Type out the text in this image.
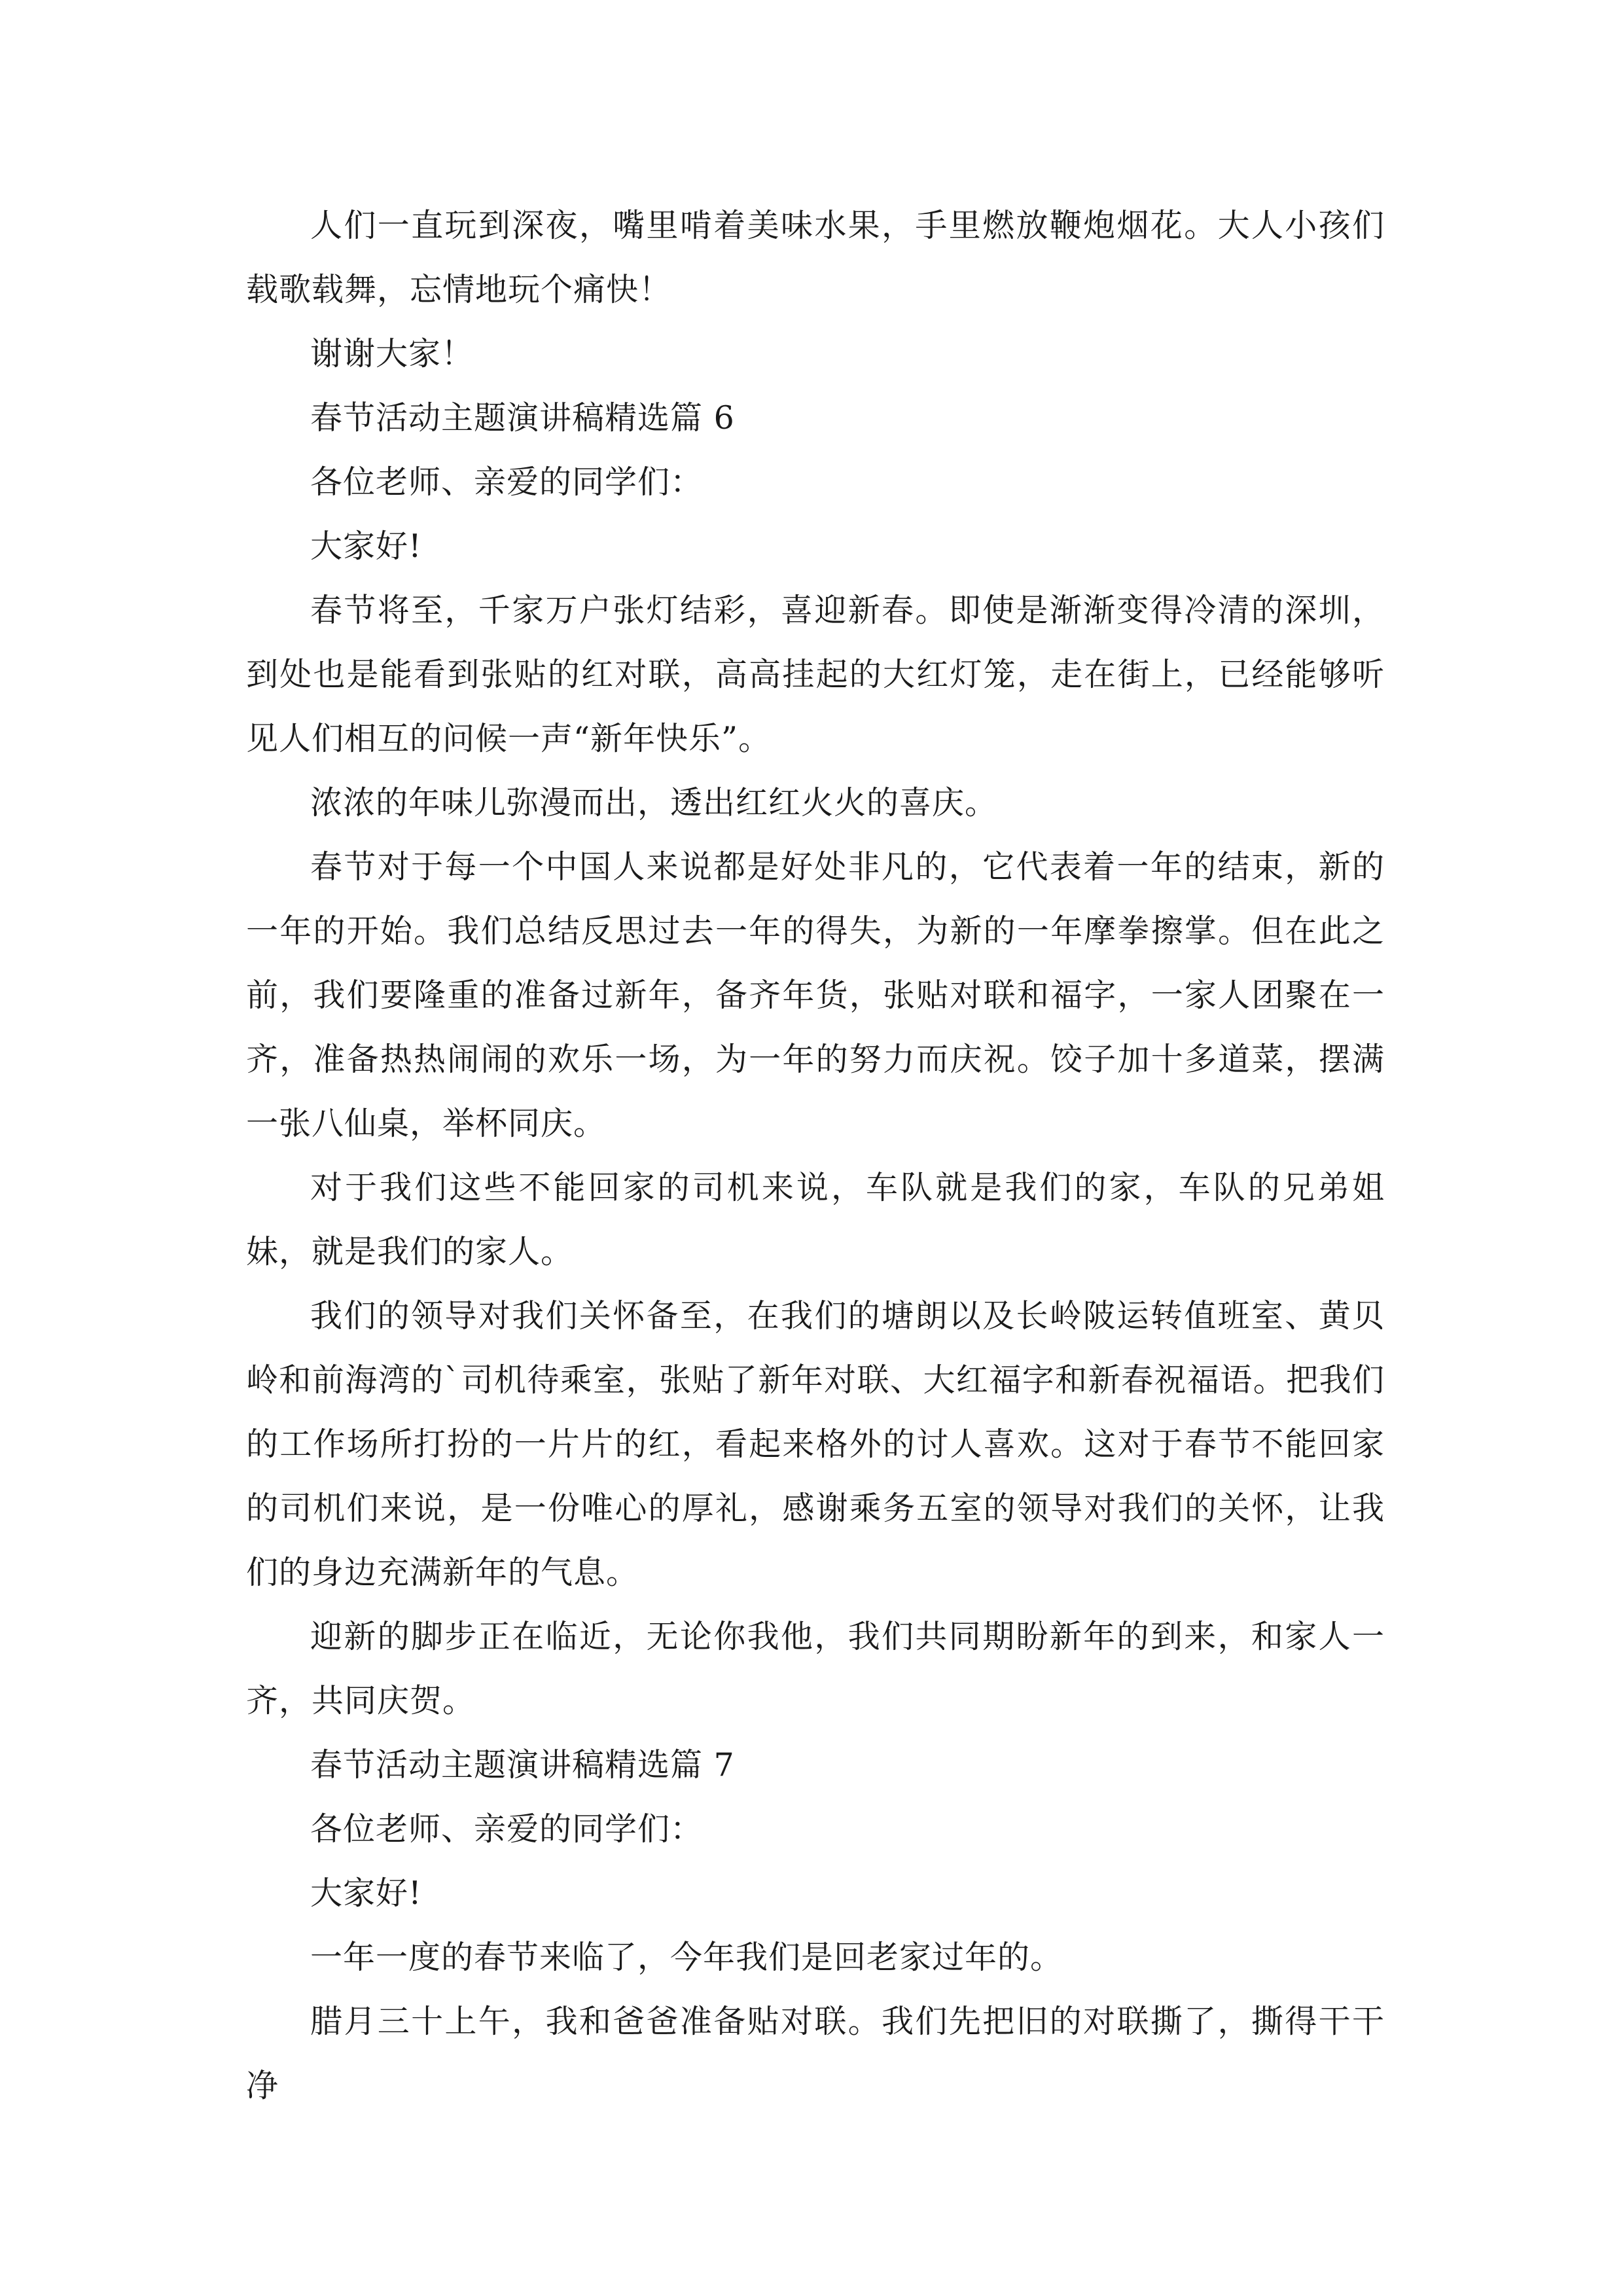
人们一直玩到深夜，嘴里啃着美味水果，手里燃放鞭炮烟花。大人小孩们载歌载舞，忘情地玩个痛快！

谢谢大家！

春节活动主题演讲稿精选篇 6

各位老师、亲爱的同学们：

大家好!

春节将至，千家万户张灯结彩，喜迎新春。即使是渐渐变得冷清的深圳，到处也是能看到张贴的红对联，高高挂起的大红灯笼，走在街上，已经能够听见人们相互的问候一声“新年快乐”。

浓浓的年味儿弥漫而出，透出红红火火的喜庆。

春节对于每一个中国人来说都是好处非凡的，它代表着一年的结束，新的一年的开始。我们总结反思过去一年的得失，为新的一年摩拳擦掌。但在此之前，我们要隆重的准备过新年，备齐年货，张贴对联和福字，一家人团聚在一齐，准备热热闹闹的欢乐一场，为一年的努力而庆祝。饺子加十多道菜，摆满一张八仙桌，举杯同庆。

对于我们这些不能回家的司机来说，车队就是我们的家，车队的兄弟姐妹，就是我们的家人。

我们的领导对我们关怀备至，在我们的塘朗以及长岭陂运转值班室、黄贝岭和前海湾的`司机待乘室，张贴了新年对联、大红福字和新春祝福语。把我们的工作场所打扮的一片片的红，看起来格外的讨人喜欢。这对于春节不能回家的司机们来说，是一份唯心的厚礼，感谢乘务五室的领导对我们的关怀，让我们的身边充满新年的气息。

迎新的脚步正在临近，无论你我他，我们共同期盼新年的到来，和家人一齐，共同庆贺。

春节活动主题演讲稿精选篇 7

各位老师、亲爱的同学们：

大家好!

一年一度的春节来临了，今年我们是回老家过年的。

腊月三十上午，我和爸爸准备贴对联。我们先把旧的对联撕了，撕得干干净
